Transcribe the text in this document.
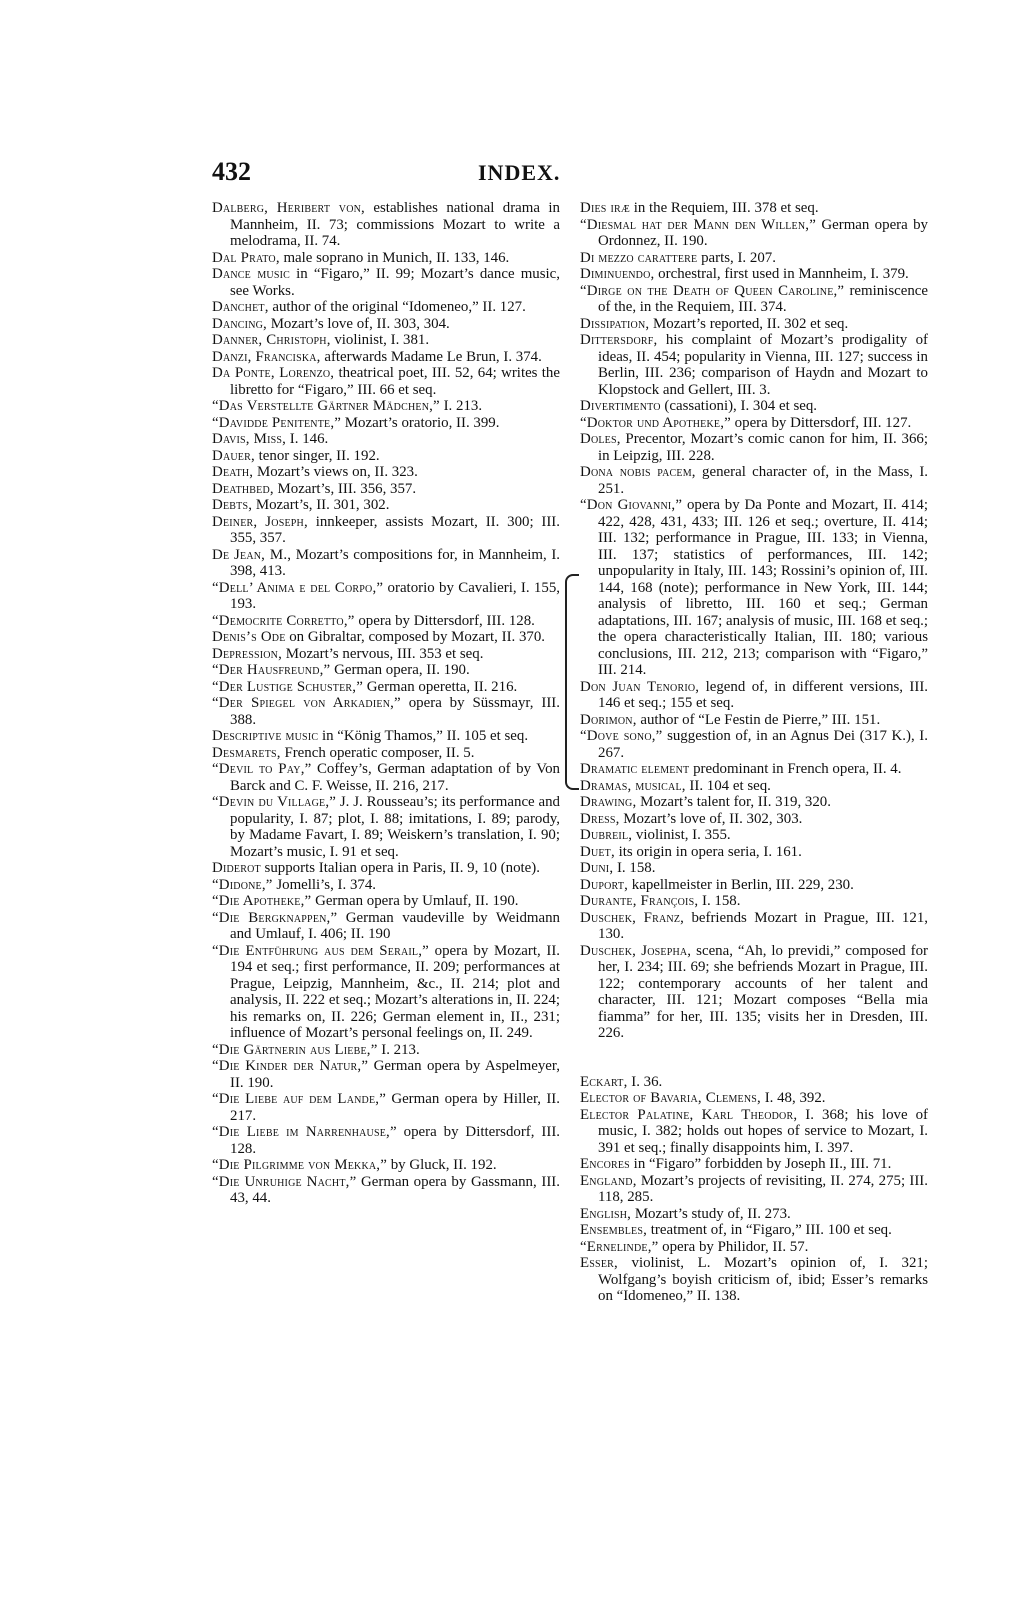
432	INDEX.

Dalberg, Heribert von, establishes national drama in Mannheim, II. 73; commissions Mozart to write a melodrama, II. 74.

Dal Prato, male soprano in Munich, II. 133, 146.

Dance music in “Figaro,” II. 99; Mozart’s dance music, see Works.

Danchet, author of the original “Idomeneo,” II. 127.

Dancing, Mozart’s love of, II. 303, 304.

Danner, Christoph, violinist, I. 381.

Danzi, Franciska, afterwards Madame Le Brun, I. 374.

Da Ponte, Lorenzo, theatrical poet, III. 52, 64; writes the libretto for “Figaro,” III. 66 et seq.

“Das Verstellte Gärtner Mädchen,” I. 213.

“Davidde Penitente,” Mozart’s oratorio, II. 399.

Davis, Miss, I. 146.

Dauer, tenor singer, II. 192.

Death, Mozart’s views on, II. 323.

Deathbed, Mozart’s, III. 356, 357.

Debts, Mozart’s, II. 301, 302.

Deiner, Joseph, innkeeper, assists Mozart, II. 300; III. 355, 357.

De Jean, M., Mozart’s compositions for, in Mannheim, I. 398, 413.

“Dell’ Anima e del Corpo,” oratorio by Cavalieri, I. 155, 193.

“Democrite Corretto,” opera by Dittersdorf, III. 128.

Denis’s Ode on Gibraltar, composed by Mozart, II. 370.

Depression, Mozart’s nervous, III. 353 et seq.

“Der Hausfreund,” German opera, II. 190.

“Der Lustige Schuster,” German operetta, II. 216.

“Der Spiegel von Arkadien,” opera by Süssmayr, III. 388.

Descriptive music in “König Thamos,” II. 105 et seq.

Desmarets, French operatic composer, II. 5.

“Devil to Pay,” Coffey’s, German adaptation of by Von Barck and C. F. Weisse, II. 216, 217.

“Devin du Village,” J. J. Rousseau’s; its performance and popularity, I. 87; plot, I. 88; imitations, I. 89; parody, by Madame Favart, I. 89; Weiskern’s translation, I. 90; Mozart’s music, I. 91 et seq.

Diderot supports Italian opera in Paris, II. 9, 10 (note).

“Didone,” Jomelli’s, I. 374.

“Die Apotheke,” German opera by Umlauf, II. 190.

“Die Bergknappen,” German vaudeville by Weidmann and Umlauf, I. 406; II. 190

“Die Entführung aus dem Serail,” opera by Mozart, II. 194 et seq.; first performance, II. 209; performances at Prague, Leipzig, Mannheim, &c., II. 214; plot and analysis, II. 222 et seq.; Mozart’s alterations in, II. 224; his remarks on, II. 226; German element in, II., 231; influence of Mozart’s personal feelings on, II. 249.

“Die Gärtnerin aus Liebe,” I. 213.

“Die Kinder der Natur,” German opera by Aspelmeyer, II. 190.

“Die Liebe auf dem Lande,” German opera by Hiller, II. 217.

“Die Liebe im Narrenhause,” opera by Dittersdorf, III. 128.

“Die Pilgrimme von Mekka,” by Gluck, II. 192.

“Die Unruhige Nacht,” German opera by Gassmann, III. 43, 44.

Dies iræ in the Requiem, III. 378 et seq.

“Diesmal hat der Mann den Willen,” German opera by Ordonnez, II. 190.

Di mezzo carattere parts, I. 207.

Diminuendo, orchestral, first used in Mannheim, I. 379.

“Dirge on the Death of Queen Caroline,” reminiscence of the, in the Requiem, III. 374.

Dissipation, Mozart’s reported, II. 302 et seq.

Dittersdorf, his complaint of Mozart’s prodigality of ideas, II. 454; popularity in Vienna, III. 127; success in Berlin, III. 236; comparison of Haydn and Mozart to Klopstock and Gellert, III. 3.

Divertimento (cassationi), I. 304 et seq.

“Doktor und Apotheke,” opera by Dittersdorf, III. 127.

Doles, Precentor, Mozart’s comic canon for him, II. 366; in Leipzig, III. 228.

Dona nobis pacem, general character of, in the Mass, I. 251.

“Don Giovanni,” opera by Da Ponte and Mozart, II. 414; 422, 428, 431, 433; III. 126 et seq.; overture, II. 414; III. 132; performance in Prague, III. 133; in Vienna, III. 137; statistics of performances, III. 142; unpopularity in Italy, III. 143; Rossini’s opinion of, III. 144, 168 (note); performance in New York, III. 144; analysis of libretto, III. 160 et seq.; German adaptations, III. 167; analysis of music, III. 168 et seq.; the opera characteristically Italian, III. 180; various conclusions, III. 212, 213; comparison with “Figaro,” III. 214.

Don Juan Tenorio, legend of, in different versions, III. 146 et seq.; 155 et seq.

Dorimon, author of “Le Festin de Pierre,” III. 151.

“Dove sono,” suggestion of, in an Agnus Dei (317 K.), I. 267.

Dramatic element predominant in French opera, II. 4.

Dramas, musical, II. 104 et seq.

Drawing, Mozart’s talent for, II. 319, 320.

Dress, Mozart’s love of, II. 302, 303.

Dubreil, violinist, I. 355.

Duet, its origin in opera seria, I. 161.

Duni, I. 158.

Duport, kapellmeister in Berlin, III. 229, 230.

Durante, François, I. 158.

Duschek, Franz, befriends Mozart in Prague, III. 121, 130.

Duschek, Josepha, scena, “Ah, lo previdi,” composed for her, I. 234; III. 69; she befriends Mozart in Prague, III. 122; contemporary accounts of her talent and character, III. 121; Mozart composes “Bella mia fiamma” for her, III. 135; visits her in Dresden, III. 226.

Eckart, I. 36.

Elector of Bavaria, Clemens, I. 48, 392.

Elector Palatine, Karl Theodor, I. 368; his love of music, I. 382; holds out hopes of service to Mozart, I. 391 et seq.; finally disappoints him, I. 397.

Encores in “Figaro” forbidden by Joseph II., III. 71.

England, Mozart’s projects of revisiting, II. 274, 275; III. 118, 285.

English, Mozart’s study of, II. 273.

Ensembles, treatment of, in “Figaro,” III. 100 et seq.

“Ernelinde,” opera by Philidor, II. 57.

Esser, violinist, L. Mozart’s opinion of, I. 321; Wolfgang’s boyish criticism of, ibid; Esser’s remarks on “Idomeneo,” II. 138.
